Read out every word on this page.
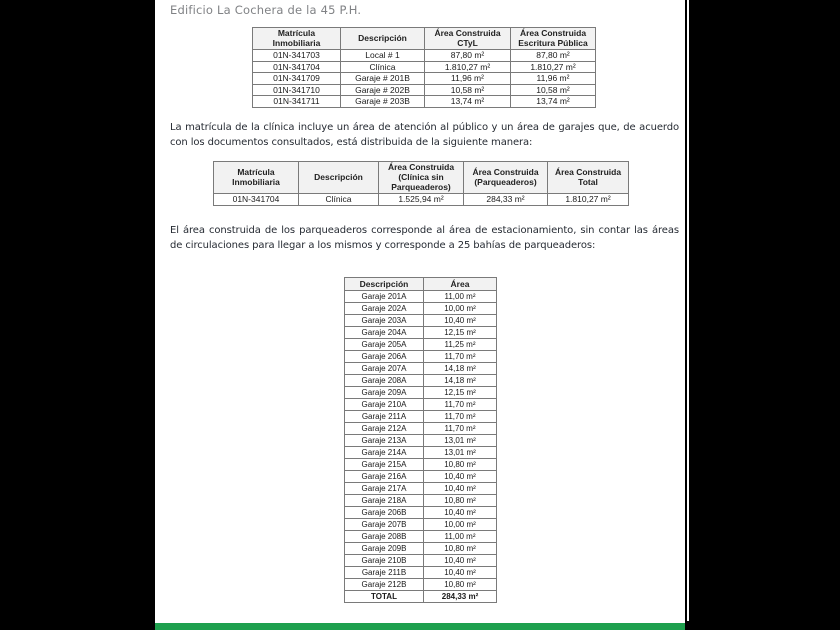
Edificio La Cochera de la 45 P.H.
Matrícula Inmobiliaria	Descripción	Área Construida CTyL	Área Construida Escritura Pública
01N-341703	Local # 1	87,80 m²	87,80 m²
01N-341704	Clínica	1.810,27 m²	1.810,27 m²
01N-341709	Garaje # 201B	11,96 m²	11,96 m²
01N-341710	Garaje # 202B	10,58 m²	10,58 m²
01N-341711	Garaje # 203B	13,74 m²	13,74 m²
La matrícula de la clínica incluye un área de atención al público y un área de garajes que, de acuerdo con los documentos consultados, está distribuida de la siguiente manera:
Matrícula Inmobiliaria	Descripción	Área Construida (Clínica sin Parqueaderos)	Área Construida (Parqueaderos)	Área Construida Total
01N-341704	Clínica	1.525,94 m²	284,33 m²	1.810,27 m²
El área construida de los parqueaderos corresponde al área de estacionamiento, sin contar las áreas de circulaciones para llegar a los mismos y corresponde a 25 bahías de parqueaderos:
Descripción	Área
Garaje 201A	11,00 m²
Garaje 202A	10,00 m²
Garaje 203A	10,40 m²
Garaje 204A	12,15 m²
Garaje 205A	11,25 m²
Garaje 206A	11,70 m²
Garaje 207A	14,18 m²
Garaje 208A	14,18 m²
Garaje 209A	12,15 m²
Garaje 210A	11,70 m²
Garaje 211A	11,70 m²
Garaje 212A	11,70 m²
Garaje 213A	13,01 m²
Garaje 214A	13,01 m²
Garaje 215A	10,80 m²
Garaje 216A	10,40 m²
Garaje 217A	10,40 m²
Garaje 218A	10,80 m²
Garaje 206B	10,40 m²
Garaje 207B	10,00 m²
Garaje 208B	11,00 m²
Garaje 209B	10,80 m²
Garaje 210B	10,40 m²
Garaje 211B	10,40 m²
Garaje 212B	10,80 m²
TOTAL	284,33 m²
